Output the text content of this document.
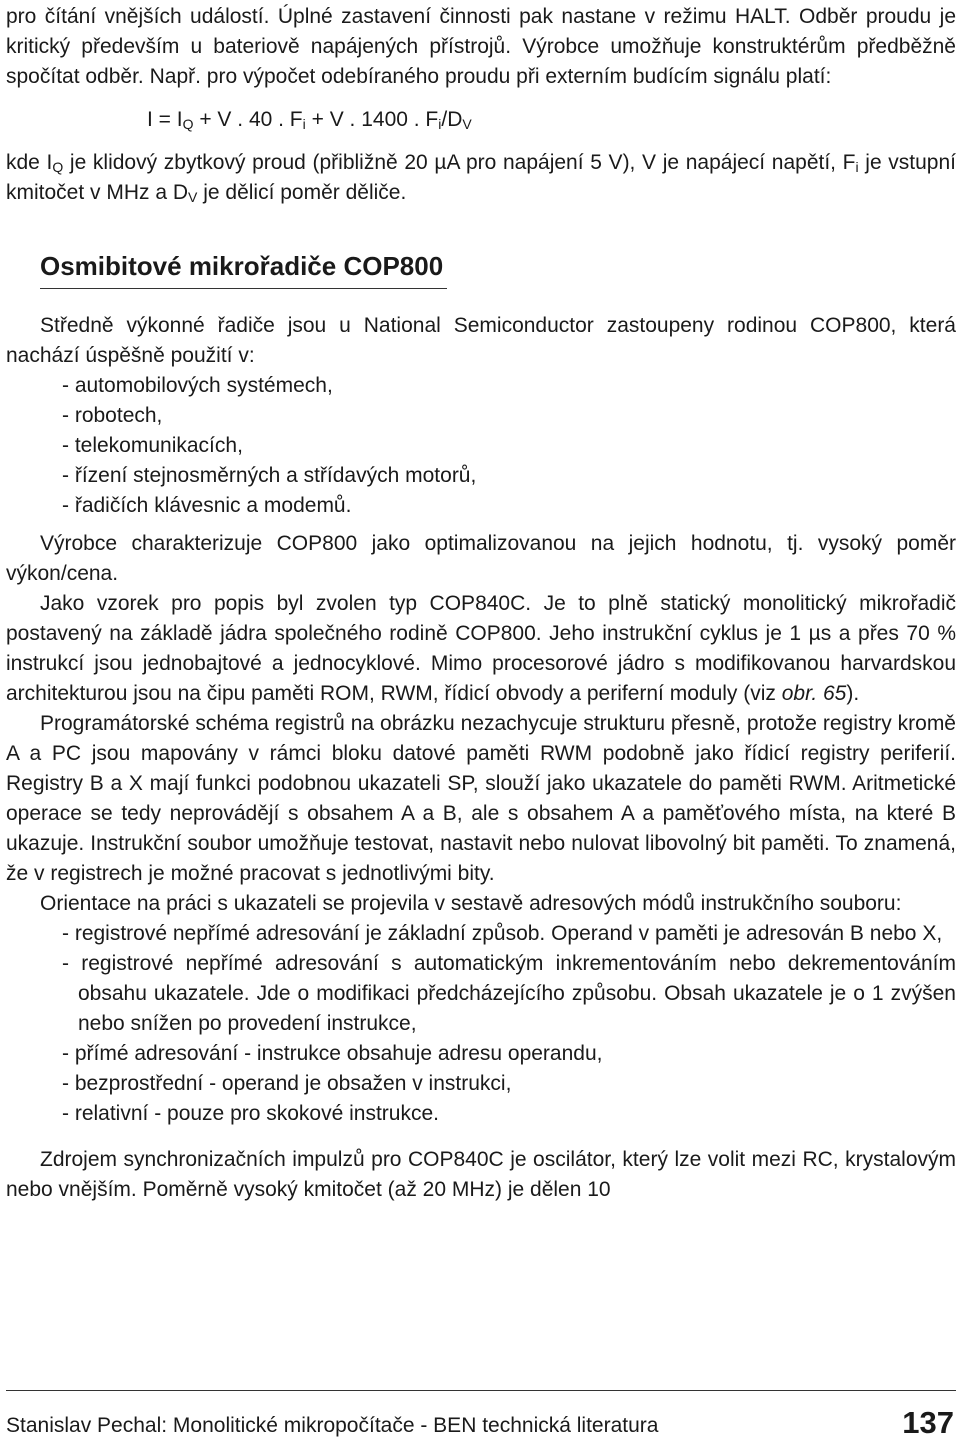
pro čítání vnějších událostí. Úplné zastavení činnosti pak nastane v režimu HALT. Odběr proudu je kritický především u bateriově napájených přístrojů. Výrobce umožňuje konstruktérům předběžně spočítat odběr. Např. pro výpočet odebíraného proudu při externím budícím signálu platí:

$I = I_Q + V$ . 40 . $F_i + V$ . 1400 . $F_i/D_V$

kde $I_Q$ je klidový zbytkový proud (přibližně 20 µA pro napájení 5 V), V je napájecí napětí, $F_i$ je vstupní kmitočet v MHz a $D_V$ je dělicí poměr děliče.

Osmibitové mikrořadiče COP800

Středně výkonné řadiče jsou u National Semiconductor zastoupeny rodinou COP800, která nachází úspěšně použití v:

- automobilových systémech,
- robotech,
- telekomunikacích,
- řízení stejnosměrných a střídavých motorů,
- řadičích klávesnic a modemů.

Výrobce charakterizuje COP800 jako optimalizovanou na jejich hodnotu, tj. vysoký poměr výkon/cena.

Jako vzorek pro popis byl zvolen typ COP840C. Je to plně statický monolitický mikrořadič postavený na základě jádra společného rodině COP800. Jeho instrukční cyklus je 1 µs a přes 70 % instrukcí jsou jednobajtové a jednocyklové. Mimo procesorové jádro s modifikovanou harvardskou architekturou jsou na čipu paměti ROM, RWM, řídicí obvody a periferní moduly (viz obr. 65).

Programátorské schéma registrů na obrázku nezachycuje strukturu přesně, protože registry kromě A a PC jsou mapovány v rámci bloku datové paměti RWM podobně jako řídicí registry periferií. Registry B a X mají funkci podobnou ukazateli SP, slouží jako ukazatele do paměti RWM. Aritmetické operace se tedy neprovádějí s obsahem A a B, ale s obsahem A a paměťového místa, na které B ukazuje. Instrukční soubor umožňuje testovat, nastavit nebo nulovat libovolný bit paměti. To znamená, že v registrech je možné pracovat s jednotlivými bity.

Orientace na práci s ukazateli se projevila v sestavě adresových módů instrukčního souboru:

- registrové nepřímé adresování je základní způsob. Operand v paměti je adresován B nebo X,
- registrové nepřímé adresování s automatickým inkrementováním nebo dekrementováním obsahu ukazatele. Jde o modifikaci předcházejícího způsobu. Obsah ukazatele je o 1 zvýšen nebo snížen po provedení instrukce,
- přímé adresování - instrukce obsahuje adresu operandu,
- bezprostřední - operand je obsažen v instrukci,
- relativní - pouze pro skokové instrukce.

Zdrojem synchronizačních impulzů pro COP840C je oscilátor, který lze volit mezi RC, krystalovým nebo vnějším. Poměrně vysoký kmitočet (až 20 MHz) je dělen 10

Stanislav Pechal: Monolitické mikropočítače - BEN technická literatura	137
